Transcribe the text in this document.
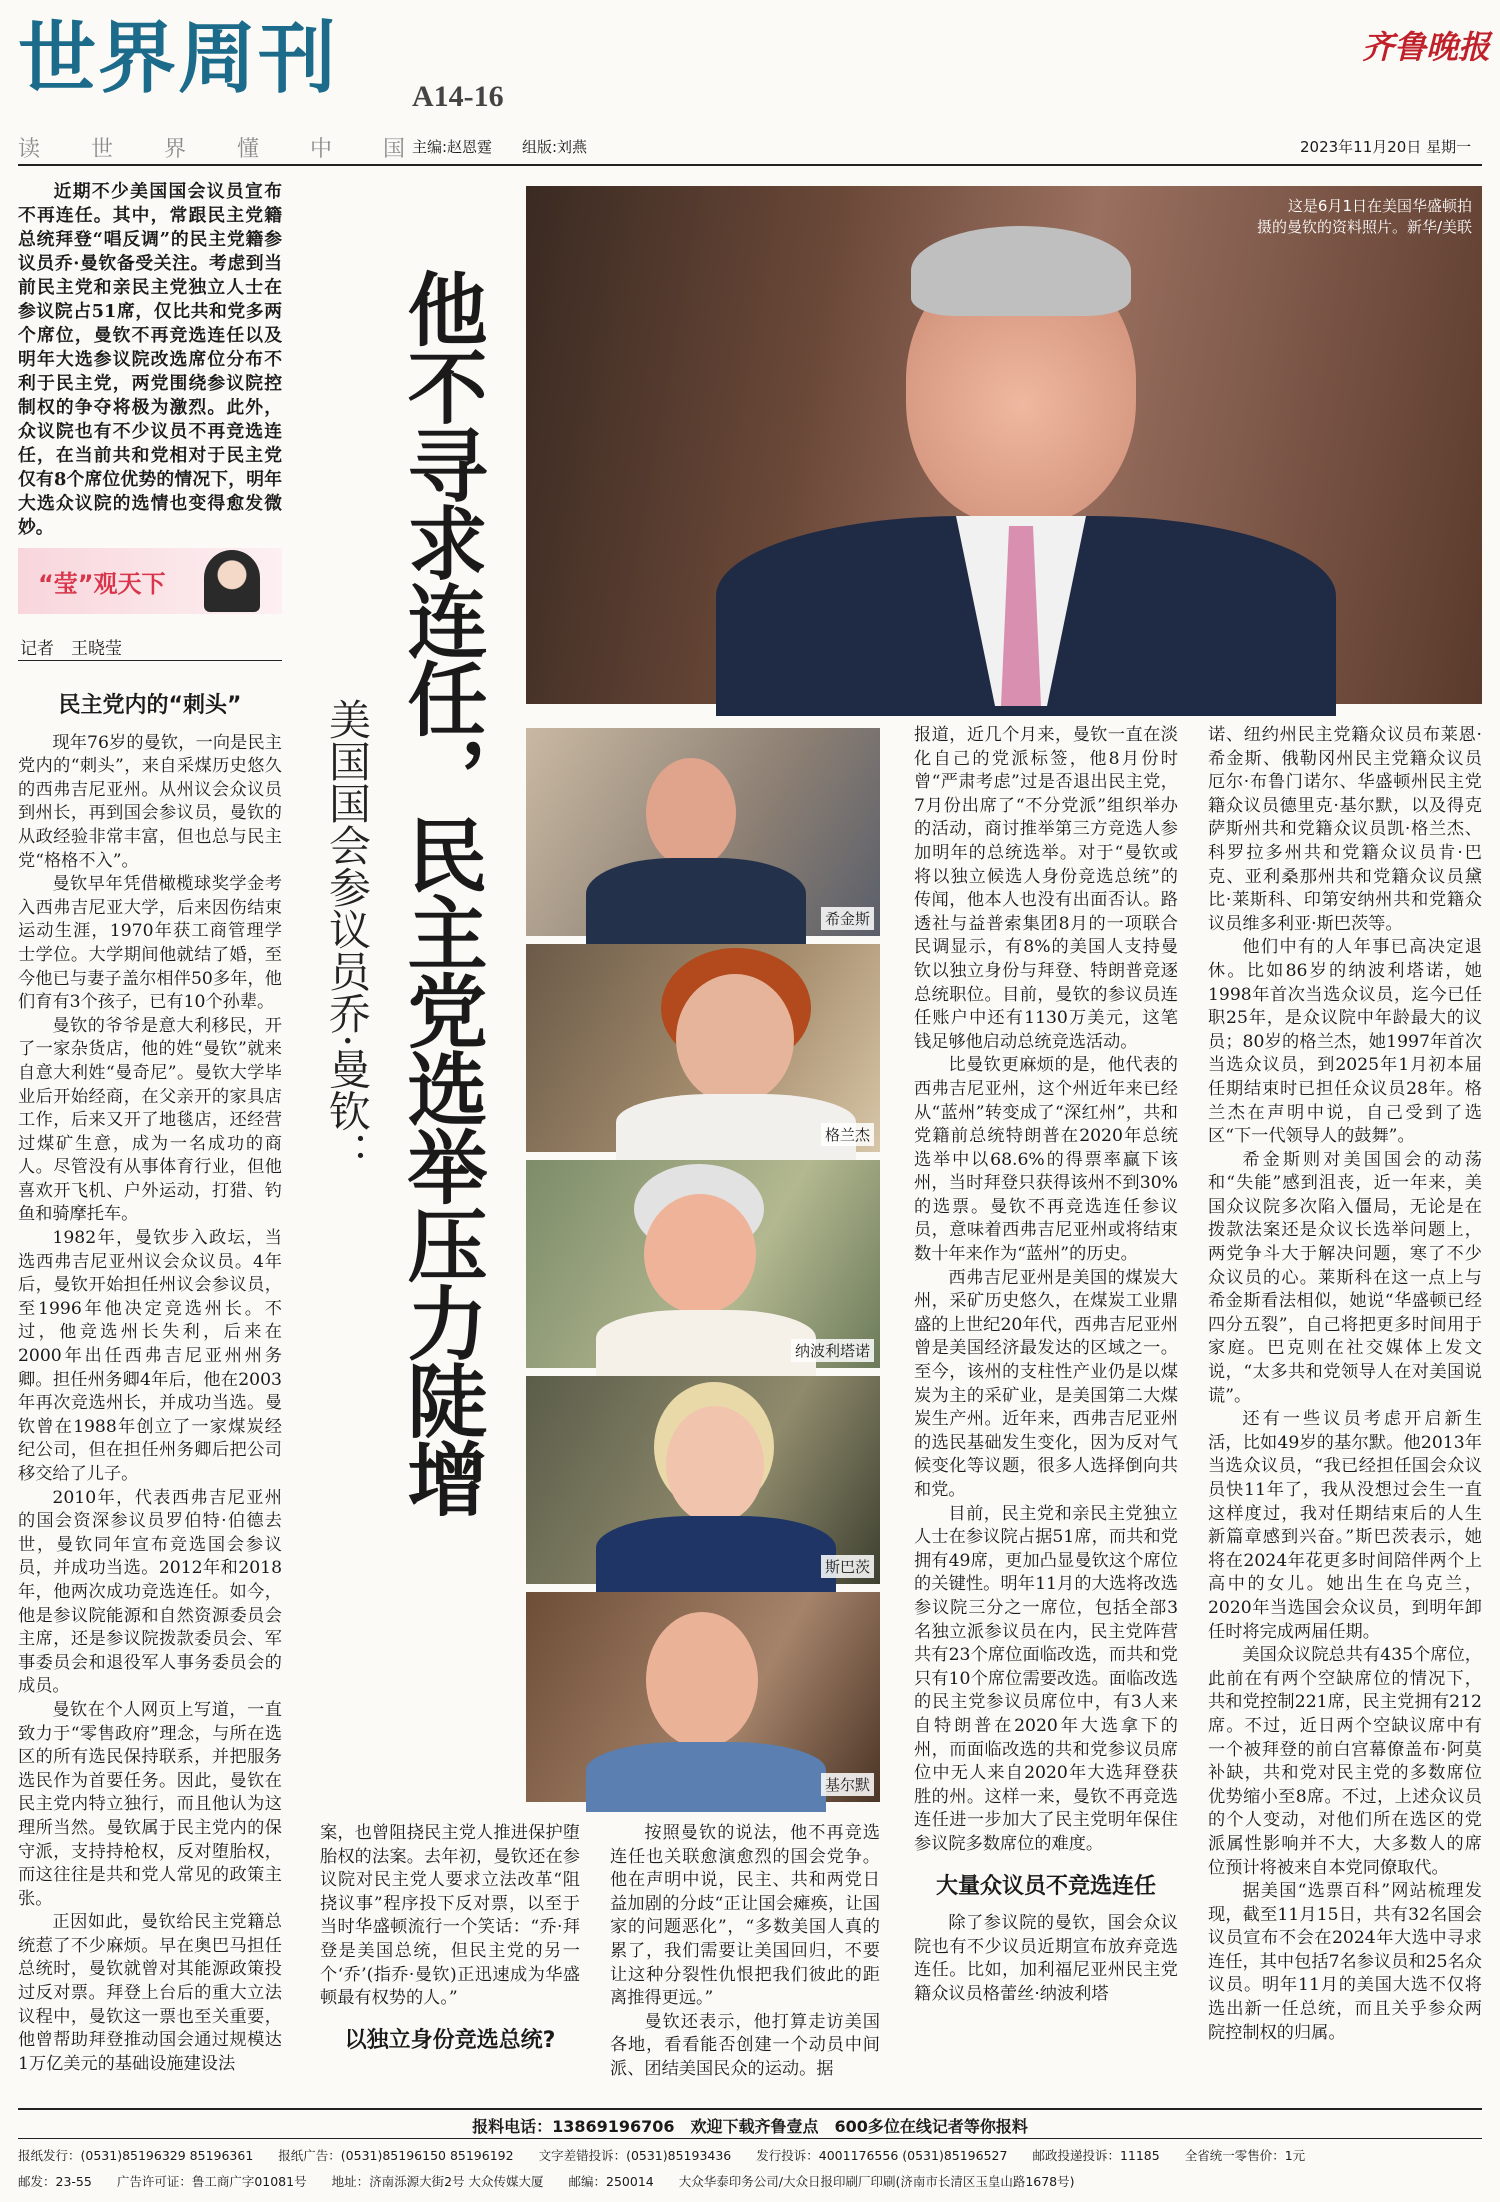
世界周刊 A14-16
读 世 界 懂 中 国
主编:赵恩霆 组版:刘燕	2023年11月20日 星期一
齐鲁晚报

近期不少美国国会议员宣布不再连任。其中，常跟民主党籍总统拜登“唱反调”的民主党籍参议员乔·曼钦备受关注。考虑到当前民主党和亲民主党独立人士在参议院占51席，仅比共和党多两个席位，曼钦不再竞选连任以及明年大选参议院改选席位分布不利于民主党，两党围绕参议院控制权的争夺将极为激烈。此外，众议院也有不少议员不再竞选连任，在当前共和党相对于民主党仅有8个席位优势的情况下，明年大选众议院的选情也变得愈发微妙。

“莹”观天下
记者　王晓莹

民主党内的“刺头”

现年76岁的曼钦，一向是民主党内的“刺头”，来自采煤历史悠久的西弗吉尼亚州。从州议会众议员到州长，再到国会参议员，曼钦的从政经验非常丰富，但也总与民主党“格格不入”。

曼钦早年凭借橄榄球奖学金考入西弗吉尼亚大学，后来因伤结束运动生涯，1970年获工商管理学士学位。大学期间他就结了婚，至今他已与妻子盖尔相伴50多年，他们育有3个孩子，已有10个孙辈。

曼钦的爷爷是意大利移民，开了一家杂货店，他的姓“曼钦”就来自意大利姓“曼奇尼”。曼钦大学毕业后开始经商，在父亲开的家具店工作，后来又开了地毯店，还经营过煤矿生意，成为一名成功的商人。尽管没有从事体育行业，但他喜欢开飞机、户外运动，打猎、钓鱼和骑摩托车。

1982年，曼钦步入政坛，当选西弗吉尼亚州议会众议员。4年后，曼钦开始担任州议会参议员，至1996年他决定竞选州长。不过，他竞选州长失利，后来在2000年出任西弗吉尼亚州州务卿。担任州务卿4年后，他在2003年再次竞选州长，并成功当选。曼钦曾在1988年创立了一家煤炭经纪公司，但在担任州务卿后把公司移交给了儿子。

2010年，代表西弗吉尼亚州的国会资深参议员罗伯特·伯德去世，曼钦同年宣布竞选国会参议员，并成功当选。2012年和2018年，他两次成功竞选连任。如今，他是参议院能源和自然资源委员会主席，还是参议院拨款委员会、军事委员会和退役军人事务委员会的成员。

曼钦在个人网页上写道，一直致力于“零售政府”理念，与所在选区的所有选民保持联系，并把服务选民作为首要任务。因此，曼钦在民主党内特立独行，而且他认为这理所当然。曼钦属于民主党内的保守派，支持持枪权，反对堕胎权，而这往往是共和党人常见的政策主张。

正因如此，曼钦给民主党籍总统惹了不少麻烦。早在奥巴马担任总统时，曼钦就曾对其能源政策投过反对票。拜登上台后的重大立法议程中，曼钦这一票也至关重要，他曾帮助拜登推动国会通过规模达1万亿美元的基础设施建设法

他不寻求连任，民主党选举压力陡增
美国国会参议员乔·曼钦：
这是6月1日在美国华盛顿拍
摄的曼钦的资料照片。新华/美联
希金斯
格兰杰
纳波利塔诺
斯巴茨
基尔默

案，也曾阻挠民主党人推进保护堕胎权的法案。去年初，曼钦还在参议院对民主党人要求立法改革“阻挠议事”程序投下反对票，以至于当时华盛顿流行一个笑话：“乔·拜登是美国总统，但民主党的另一个‘乔’(指乔·曼钦)正迅速成为华盛顿最有权势的人。”

以独立身份竞选总统?

按照曼钦的说法，他不再竞选连任也关联愈演愈烈的国会党争。他在声明中说，民主、共和两党日益加剧的分歧“正让国会瘫痪，让国家的问题恶化”，“多数美国人真的累了，我们需要让美国回归，不要让这种分裂性仇恨把我们彼此的距离推得更远。”

曼钦还表示，他打算走访美国各地，看看能否创建一个动员中间派、团结美国民众的运动。据

报道，近几个月来，曼钦一直在淡化自己的党派标签，他8月份时曾“严肃考虑”过是否退出民主党，7月份出席了“不分党派”组织举办的活动，商讨推举第三方竞选人参加明年的总统选举。对于“曼钦或将以独立候选人身份竞选总统”的传闻，他本人也没有出面否认。路透社与益普索集团8月的一项联合民调显示，有8%的美国人支持曼钦以独立身份与拜登、特朗普竞逐总统职位。目前，曼钦的参议员连任账户中还有1130万美元，这笔钱足够他启动总统竞选活动。

比曼钦更麻烦的是，他代表的西弗吉尼亚州，这个州近年来已经从“蓝州”转变成了“深红州”，共和党籍前总统特朗普在2020年总统选举中以68.6%的得票率赢下该州，当时拜登只获得该州不到30%的选票。曼钦不再竞选连任参议员，意味着西弗吉尼亚州或将结束数十年来作为“蓝州”的历史。

西弗吉尼亚州是美国的煤炭大州，采矿历史悠久，在煤炭工业鼎盛的上世纪20年代，西弗吉尼亚州曾是美国经济最发达的区域之一。至今，该州的支柱性产业仍是以煤炭为主的采矿业，是美国第二大煤炭生产州。近年来，西弗吉尼亚州的选民基础发生变化，因为反对气候变化等议题，很多人选择倒向共和党。

目前，民主党和亲民主党独立人士在参议院占据51席，而共和党拥有49席，更加凸显曼钦这个席位的关键性。明年11月的大选将改选参议院三分之一席位，包括全部3名独立派参议员在内，民主党阵营共有23个席位面临改选，而共和党只有10个席位需要改选。面临改选的民主党参议员席位中，有3人来自特朗普在2020年大选拿下的州，而面临改选的共和党参议员席位中无人来自2020年大选拜登获胜的州。这样一来，曼钦不再竞选连任进一步加大了民主党明年保住参议院多数席位的难度。

大量众议员不竞选连任

除了参议院的曼钦，国会众议院也有不少议员近期宣布放弃竞选连任。比如，加利福尼亚州民主党籍众议员格蕾丝·纳波利塔

诺、纽约州民主党籍众议员布莱恩·希金斯、俄勒冈州民主党籍众议员厄尔·布鲁门诺尔、华盛顿州民主党籍众议员德里克·基尔默，以及得克萨斯州共和党籍众议员凯·格兰杰、科罗拉多州共和党籍众议员肯·巴克、亚利桑那州共和党籍众议员黛比·莱斯科、印第安纳州共和党籍众议员维多利亚·斯巴茨等。

他们中有的人年事已高决定退休。比如86岁的纳波利塔诺，她1998年首次当选众议员，迄今已任职25年，是众议院中年龄最大的议员；80岁的格兰杰，她1997年首次当选众议员，到2025年1月初本届任期结束时已担任众议员28年。格兰杰在声明中说，自己受到了选区“下一代领导人的鼓舞”。

希金斯则对美国国会的动荡和“失能”感到沮丧，近一年来，美国众议院多次陷入僵局，无论是在拨款法案还是众议长选举问题上，两党争斗大于解决问题，寒了不少众议员的心。莱斯科在这一点上与希金斯看法相似，她说“华盛顿已经四分五裂”，自己将把更多时间用于家庭。巴克则在社交媒体上发文说，“太多共和党领导人在对美国说谎”。

还有一些议员考虑开启新生活，比如49岁的基尔默。他2013年当选众议员，“我已经担任国会众议员快11年了，我从没想过会生一直这样度过，我对任期结束后的人生新篇章感到兴奋。”斯巴茨表示，她将在2024年花更多时间陪伴两个上高中的女儿。她出生在乌克兰，2020年当选国会众议员，到明年卸任时将完成两届任期。

美国众议院总共有435个席位，此前在有两个空缺席位的情况下，共和党控制221席，民主党拥有212席。不过，近日两个空缺议席中有一个被拜登的前白宫幕僚盖布·阿莫补缺，共和党对民主党的多数席位优势缩小至8席。不过，上述众议员的个人变动，对他们所在选区的党派属性影响并不大，大多数人的席位预计将被来自本党同僚取代。

据美国“选票百科”网站梳理发现，截至11月15日，共有32名国会议员宣布不会在2024年大选中寻求连任，其中包括7名参议员和25名众议员。明年11月的美国大选不仅将选出新一任总统，而且关乎参众两院控制权的归属。

报料电话：13869196706　欢迎下载齐鲁壹点　600多位在线记者等你报料
报纸发行：(0531)85196329 85196361　　报纸广告：(0531)85196150 85196192　　文字差错投诉：(0531)85193436　　发行投诉：4001176556 (0531)85196527　　邮政投递投诉：11185　　全省统一零售价：1元
邮发：23-55　　广告许可证：鲁工商广字01081号　　地址：济南泺源大街2号 大众传媒大厦　　邮编：250014　　大众华泰印务公司/大众日报印刷厂印刷(济南市长清区玉皇山路1678号)
